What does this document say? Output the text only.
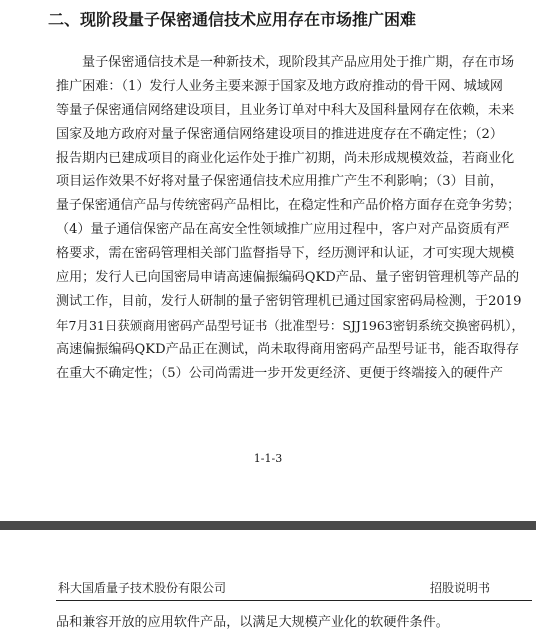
二、现阶段量子保密通信技术应用存在市场推广困难
量子保密通信技术是一种新技术，现阶段其产品应用处于推广期，存在市场
推广困难：（1）发行人业务主要来源于国家及地方政府推动的骨干网、城域网
等量子保密通信网络建设项目，且业务订单对中科大及国科量网存在依赖，未来
国家及地方政府对量子保密通信网络建设项目的推进进度存在不确定性；（2）
报告期内已建成项目的商业化运作处于推广初期，尚未形成规模效益，若商业化
项目运作效果不好将对量子保密通信技术应用推广产生不利影响；（3）目前，
量子保密通信产品与传统密码产品相比，在稳定性和产品价格方面存在竞争劣势；
（4）量子通信保密产品在高安全性领域推广应用过程中，客户对产品资质有严
格要求，需在密码管理相关部门监督指导下，经历测评和认证，才可实现大规模
应用；发行人已向国密局申请高速偏振编码QKD产品、量子密钥管理机等产品的
测试工作，目前，发行人研制的量子密钥管理机已通过国家密码局检测，于2019
年7月31日获颁商用密码产品型号证书（批准型号：SJJ1963密钥系统交换密码机），
高速偏振编码QKD产品正在测试，尚未取得商用密码产品型号证书，能否取得存
在重大不确定性；（5）公司尚需进一步开发更经济、更便于终端接入的硬件产
1-1-3
科大国盾量子技术股份有限公司	招股说明书
品和兼容开放的应用软件产品，以满足大规模产业化的软硬件条件。
